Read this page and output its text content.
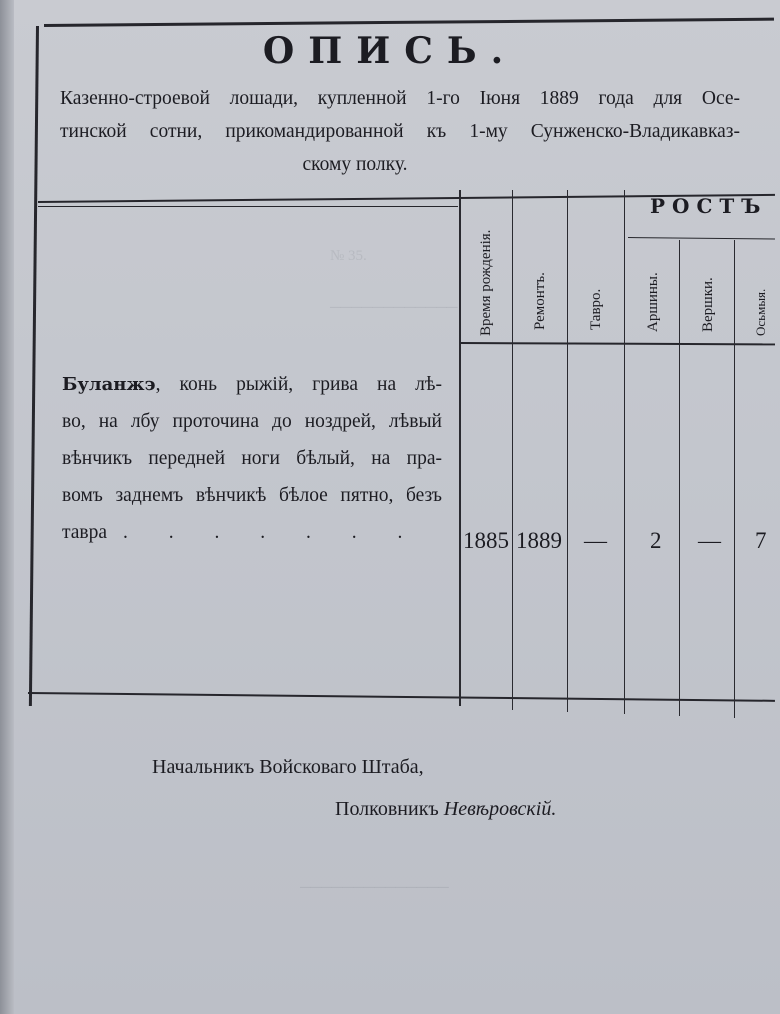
№ 35.
────────────
──────────────
ОПИСЬ.
Казенно-строевой лошади, купленной 1-го Іюня 1889 года для Осе-
тинской сотни, прикомандированной къ 1-му Сунженско-Владикавказ-
скому полку.
Время рожденія.	Ремонтъ.	Тавро.
РОСТЪ
Аршины.	Вершки.	Осьмыя.
Буланжэ, конь рыжій, грива на лѣ-
во, на лбу проточина до ноздрей, лѣвый
вѣнчикъ передней ноги бѣлый, на пра-
вомъ заднемъ вѣнчикѣ бѣлое пятно, безъ
тавра . . . . . . .	1885 1889 — 2 — 7
Начальникъ Войсковаго Штаба,
Полковникъ Невѣровскій.
